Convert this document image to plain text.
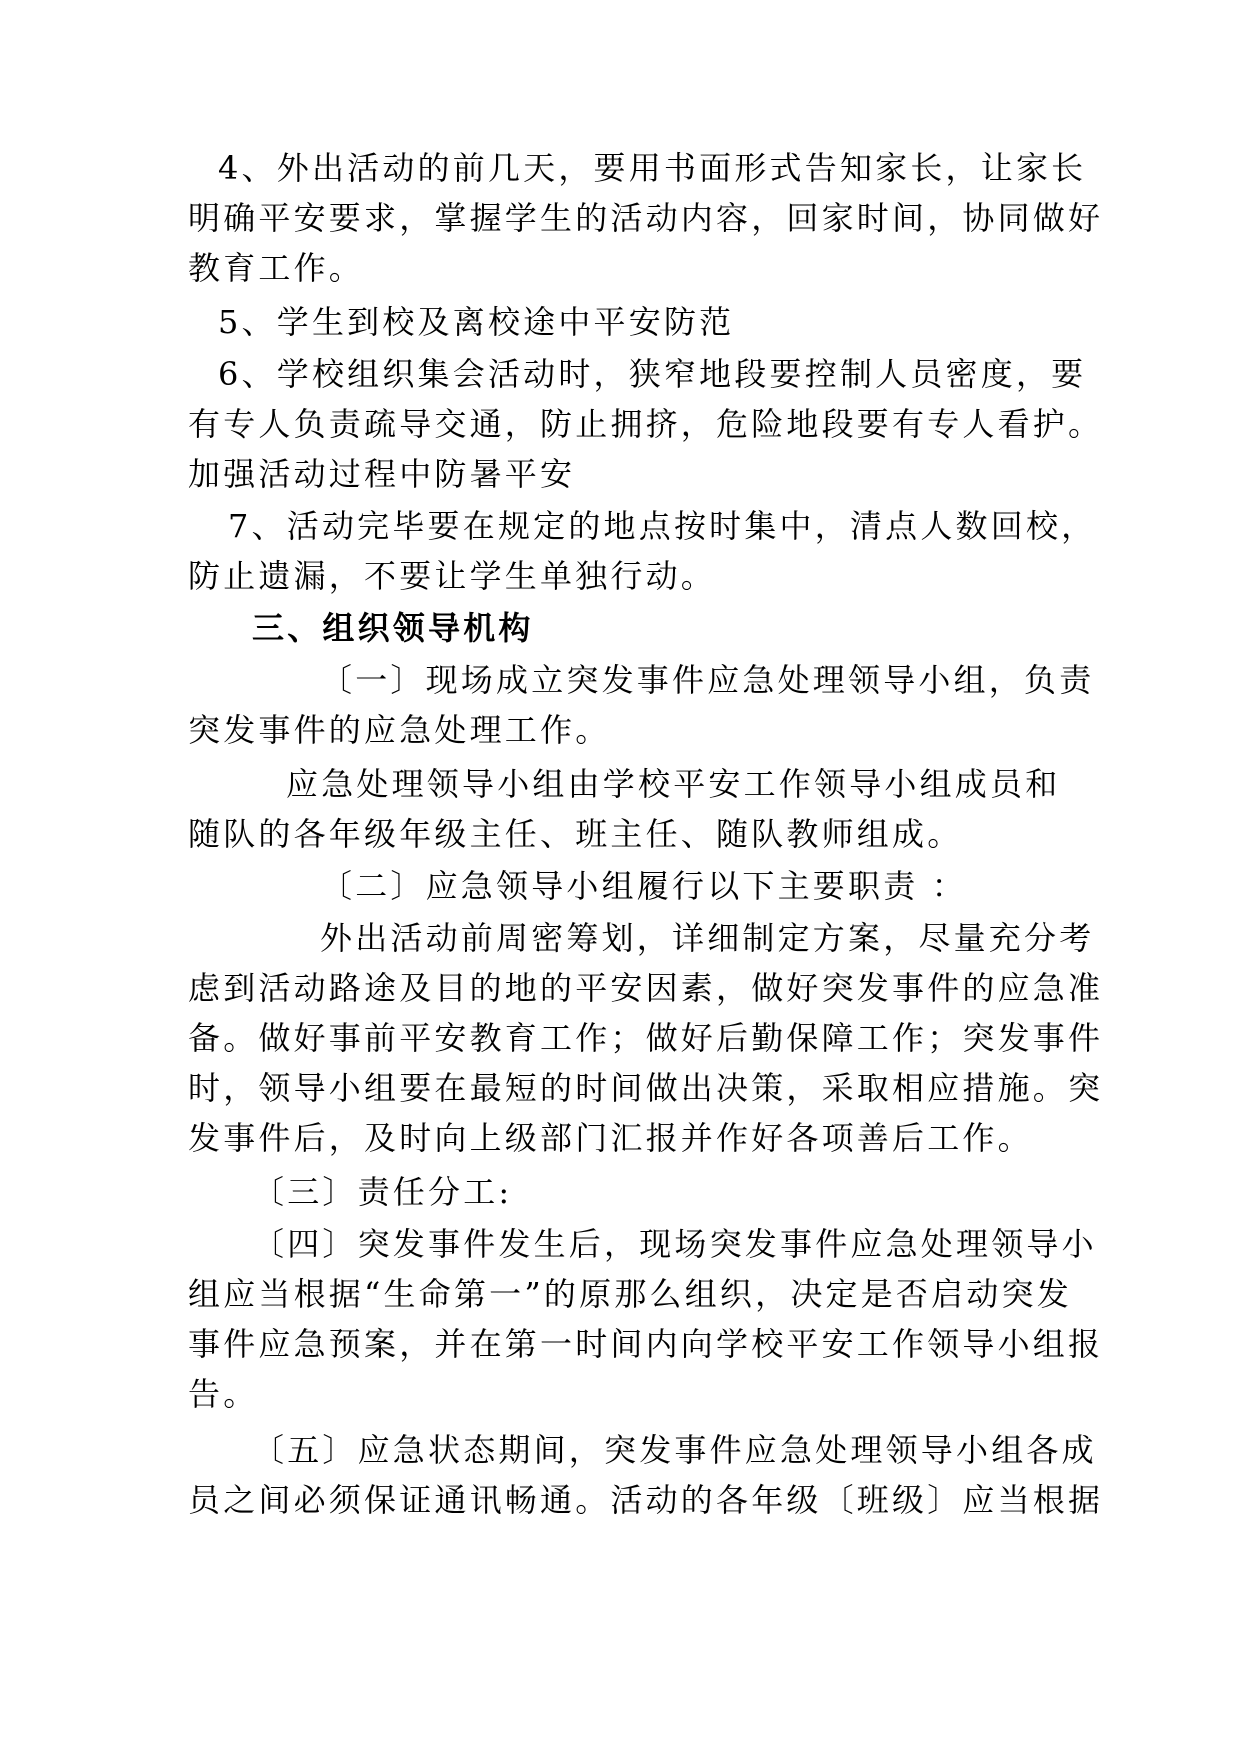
4、外出活动的前几天，要用书面形式告知家长，让家长
明确平安要求，掌握学生的活动内容，回家时间，协同做好
教育工作。
5、学生到校及离校途中平安防范
6、学校组织集会活动时，狭窄地段要控制人员密度，要
有专人负责疏导交通，防止拥挤，危险地段要有专人看护。
加强活动过程中防暑平安
7、活动完毕要在规定的地点按时集中，清点人数回校，
防止遗漏，不要让学生单独行动。
三、组织领导机构
〔一〕现场成立突发事件应急处理领导小组，负责
突发事件的应急处理工作。
应急处理领导小组由学校平安工作领导小组成员和
随队的各年级年级主任、班主任、随队教师组成。
〔二〕应急领导小组履行以下主要职责 ：
外出活动前周密筹划，详细制定方案，尽量充分考
虑到活动路途及目的地的平安因素，做好突发事件的应急准
备。做好事前平安教育工作；做好后勤保障工作；突发事件
时，领导小组要在最短的时间做出决策，采取相应措施。突
发事件后，及时向上级部门汇报并作好各项善后工作。
〔三〕责任分工:
〔四〕突发事件发生后，现场突发事件应急处理领导小
组应当根据“生命第一”的原那么组织，决定是否启动突发
事件应急预案，并在第一时间内向学校平安工作领导小组报
告。
〔五〕应急状态期间，突发事件应急处理领导小组各成
员之间必须保证通讯畅通。活动的各年级〔班级〕应当根据
